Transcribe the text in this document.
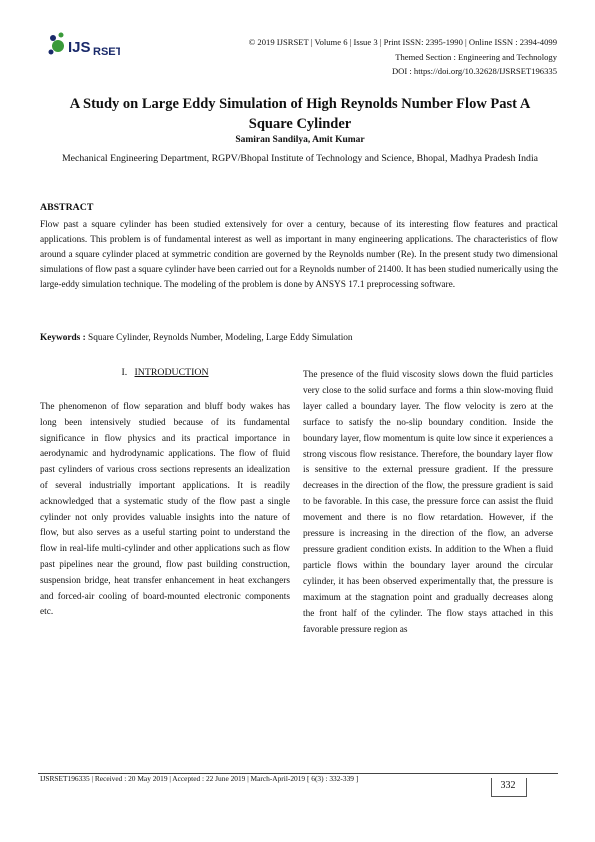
IJS RSET
© 2019 IJSRSET | Volume 6 | Issue 3 | Print ISSN: 2395-1990 | Online ISSN : 2394-4099
Themed Section : Engineering and Technology
DOI : https://doi.org/10.32628/IJSRSET196335
A Study on Large Eddy Simulation of High Reynolds Number Flow Past A
Square Cylinder
Samiran Sandilya, Amit Kumar
Mechanical Engineering Department, RGPV/Bhopal Institute of Technology and Science, Bhopal, Madhya Pradesh India
ABSTRACT
Flow past a square cylinder has been studied extensively for over a century, because of its interesting flow features and practical applications. This problem is of fundamental interest as well as important in many engineering applications. The characteristics of flow around a square cylinder placed at symmetric condition are governed by the Reynolds number (Re). In the present study two dimensional simulations of flow past a square cylinder have been carried out for a Reynolds number of 21400. It has been studied numerically using the large-eddy simulation technique. The modeling of the problem is done by ANSYS 17.1 preprocessing software.
Keywords : Square Cylinder, Reynolds Number, Modeling, Large Eddy Simulation
I. INTRODUCTION
The phenomenon of flow separation and bluff body wakes has long been intensively studied because of its fundamental significance in flow physics and its practical importance in aerodynamic and hydrodynamic applications. The flow of fluid past cylinders of various cross sections represents an idealization of several industrially important applications. It is readily acknowledged that a systematic study of the flow past a single cylinder not only provides valuable insights into the nature of flow, but also serves as a useful starting point to understand the flow in real-life multi-cylinder and other applications such as flow past pipelines near the ground, flow past building construction, suspension bridge, heat transfer enhancement in heat exchangers and forced-air cooling of board-mounted electronic components etc.
The presence of the fluid viscosity slows down the fluid particles very close to the solid surface and forms a thin slow-moving fluid layer called a boundary layer. The flow velocity is zero at the surface to satisfy the no-slip boundary condition. Inside the boundary layer, flow momentum is quite low since it experiences a strong viscous flow resistance. Therefore, the boundary layer flow is sensitive to the external pressure gradient. If the pressure decreases in the direction of the flow, the pressure gradient is said to be favorable. In this case, the pressure force can assist the fluid movement and there is no flow retardation. However, if the pressure is increasing in the direction of the flow, an adverse pressure gradient condition exists. In addition to the When a fluid particle flows within the boundary layer around the circular cylinder, it has been observed experimentally that, the pressure is maximum at the stagnation point and gradually decreases along the front half of the cylinder. The flow stays attached in this favorable pressure region as
IJSRSET196335 | Received : 20 May 2019 | Accepted : 22 June 2019 | March-April-2019 [ 6(3) : 332-339 ]
332
